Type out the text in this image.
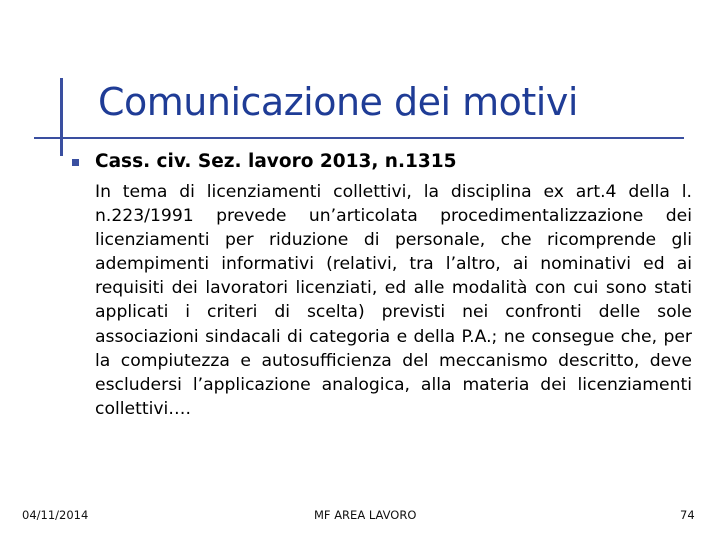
Comunicazione dei motivi
Cass. civ. Sez. lavoro 2013, n.1315
In tema di licenziamenti collettivi, la disciplina ex art.4 della l. n.223/1991 prevede un’articolata procedimentalizzazione dei licenziamenti per riduzione di personale, che ricomprende gli adempimenti informativi (relativi, tra l’altro, ai nominativi ed ai requisiti dei lavoratori licenziati, ed alle modalità con cui sono stati applicati i criteri di scelta) previsti nei confronti delle sole associazioni sindacali di categoria e della P.A.; ne consegue che, per la compiutezza e autosufficienza del meccanismo descritto, deve escludersi l’applicazione analogica, alla materia dei licenziamenti collettivi….
04/11/2014	MF AREA LAVORO	74
